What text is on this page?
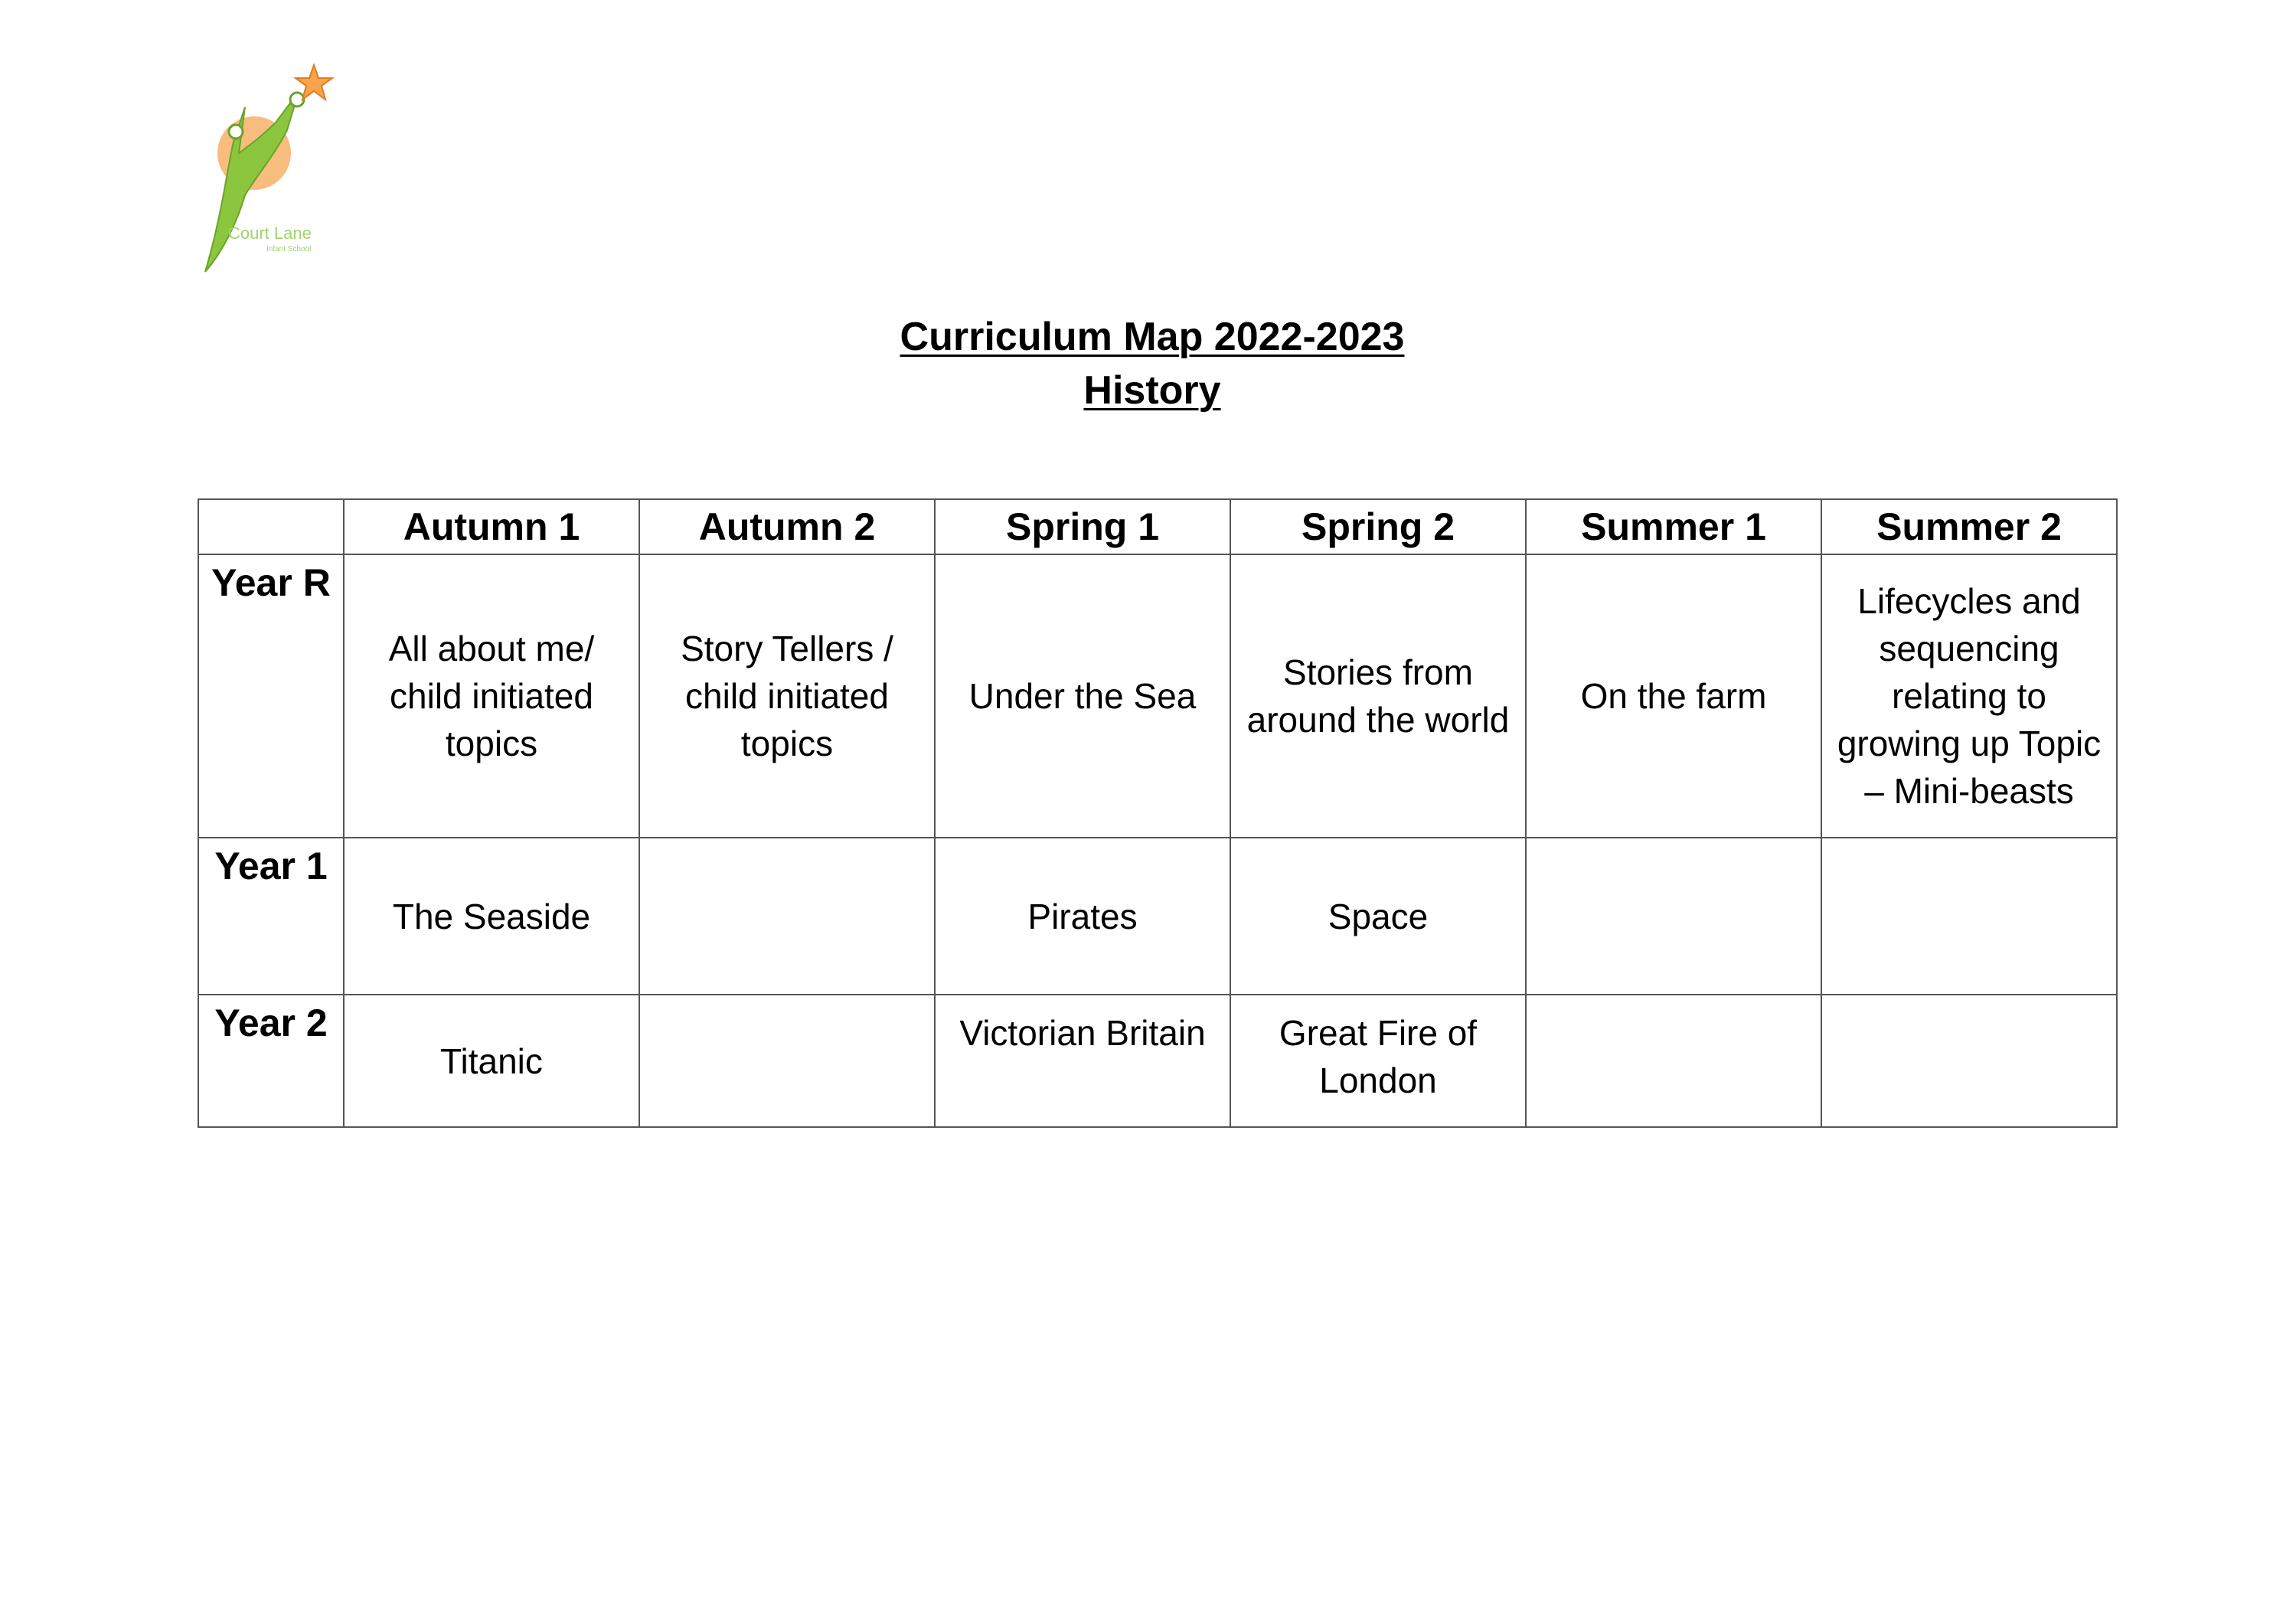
Court Lane
Infant School
Curriculum Map 2022-2023
History
	Autumn 1	Autumn 2	Spring 1	Spring 2	Summer 1	Summer 2
Year R	All about me/ child initiated topics	Story Tellers / child initiated topics	Under the Sea	Stories from around the world	On the farm	Lifecycles and sequencing relating to growing up Topic – Mini-beasts
Year 1	The Seaside		Pirates	Space		
Year 2	Titanic		Victorian Britain	Great Fire of London		
